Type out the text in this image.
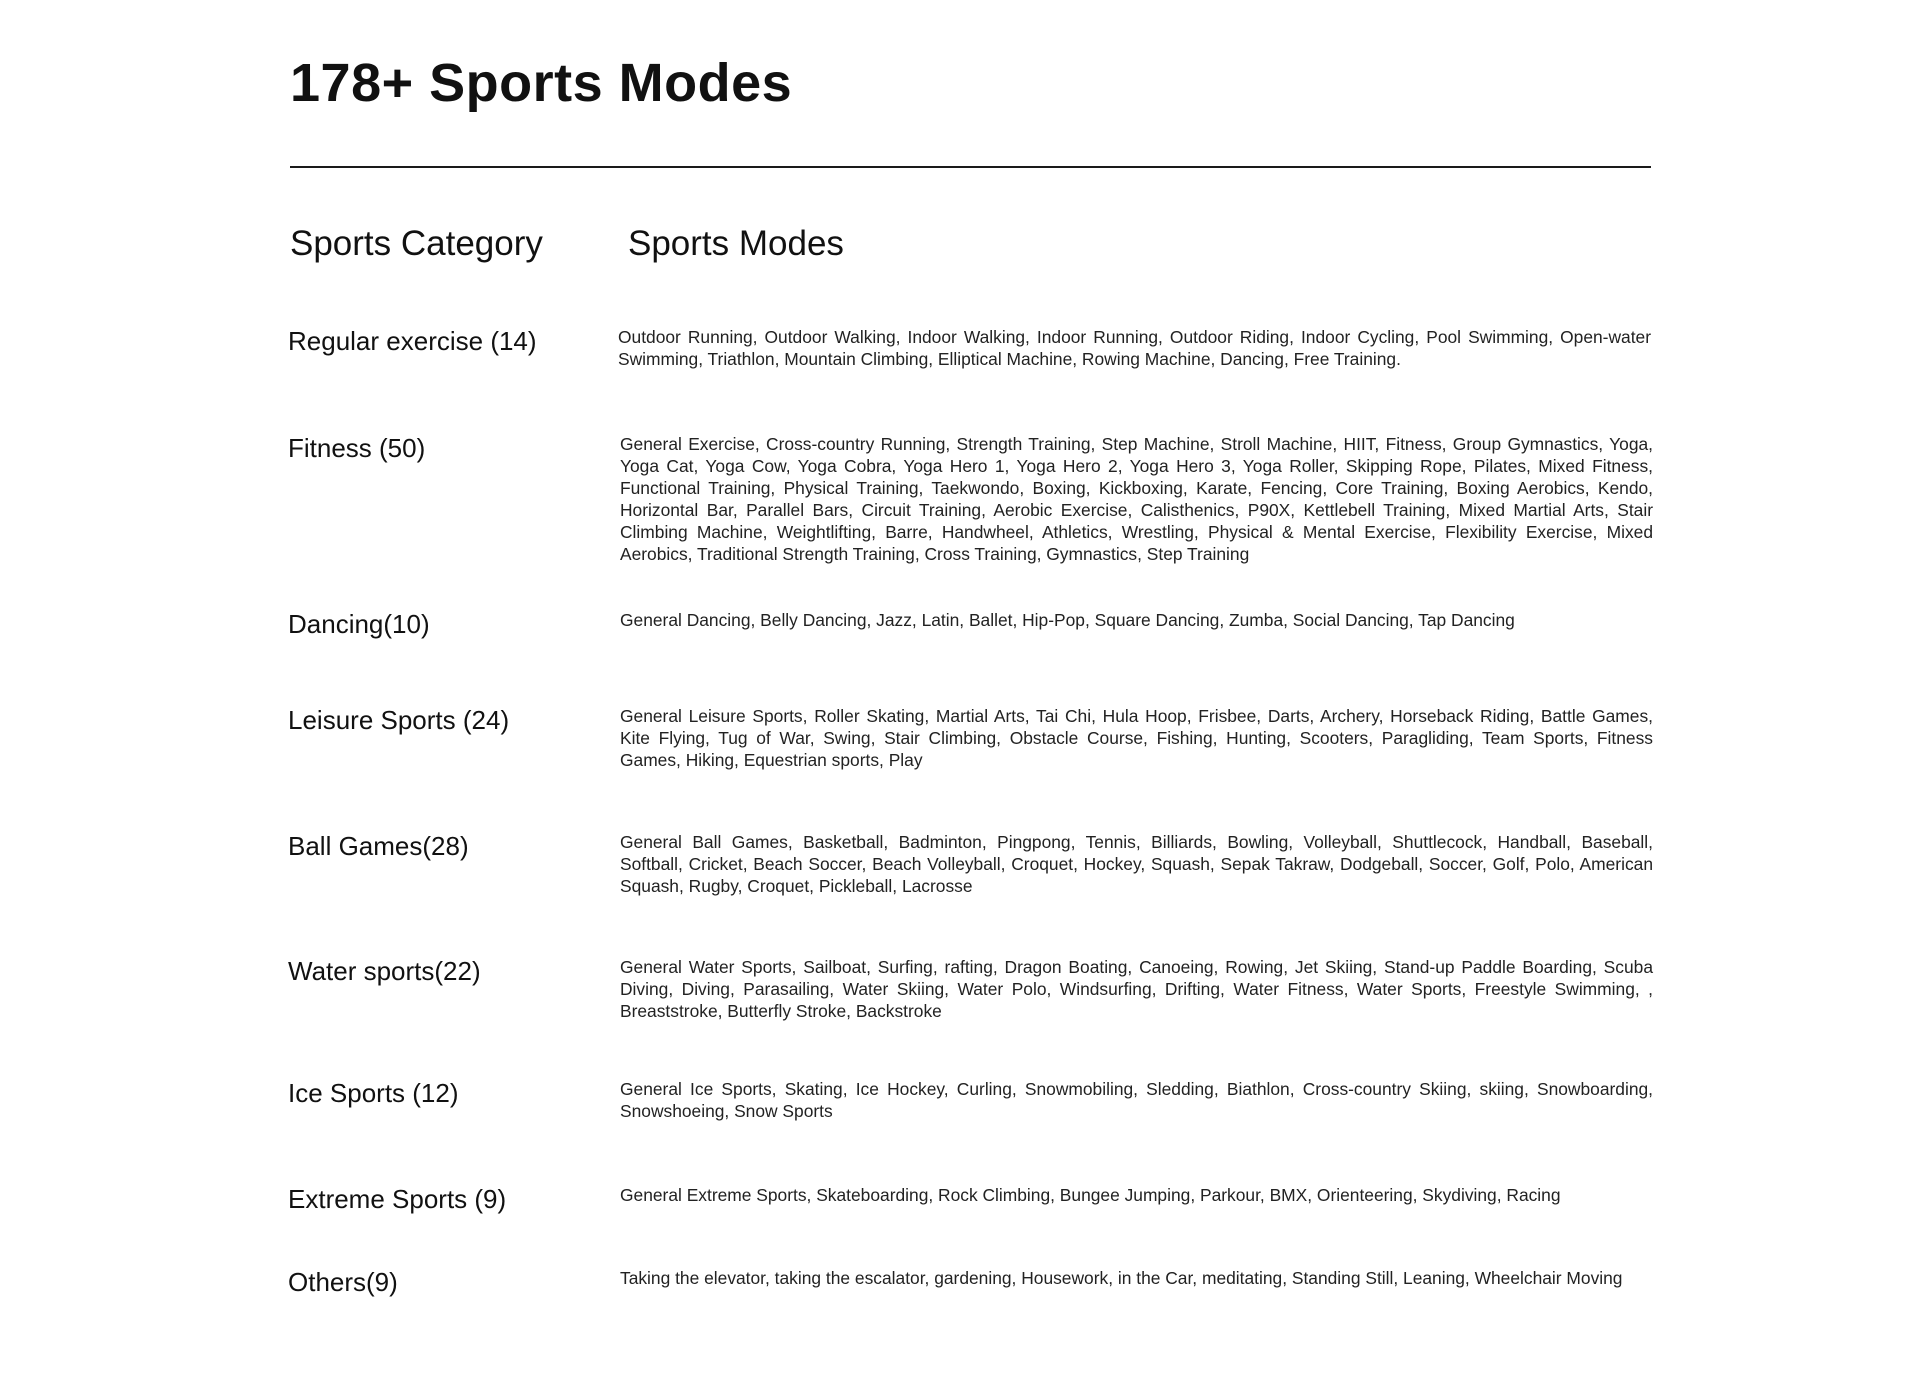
178+ Sports Modes
Sports Category Sports Modes
Regular exercise (14)	Outdoor Running, Outdoor Walking, Indoor Walking, Indoor Running, Outdoor Riding, Indoor Cycling, Pool Swimming, Open-water Swimming, Triathlon, Mountain Climbing, Elliptical Machine, Rowing Machine, Dancing, Free Training.
Fitness (50)	General Exercise, Cross-country Running, Strength Training, Step Machine, Stroll Machine, HIIT, Fitness, Group Gymnastics, Yoga, Yoga Cat, Yoga Cow, Yoga Cobra, Yoga Hero 1, Yoga Hero 2, Yoga Hero 3, Yoga Roller, Skipping Rope, Pilates, Mixed Fitness, Functional Training, Physical Training, Taekwondo, Boxing, Kickboxing, Karate, Fencing, Core Training, Boxing Aerobics, Kendo, Horizontal Bar, Parallel Bars, Circuit Training, Aerobic Exercise, Calisthenics, P90X, Kettlebell Training, Mixed Martial Arts, Stair Climbing Machine, Weightlifting, Barre, Handwheel, Athletics, Wrestling, Physical & Mental Exercise, Flexibility Exercise, Mixed Aerobics, Traditional Strength Training, Cross Training, Gymnastics, Step Training
Dancing(10)	General Dancing, Belly Dancing, Jazz, Latin, Ballet, Hip-Pop, Square Dancing, Zumba, Social Dancing, Tap Dancing
Leisure Sports (24)	General Leisure Sports, Roller Skating, Martial Arts, Tai Chi, Hula Hoop, Frisbee, Darts, Archery, Horseback Riding, Battle Games, Kite Flying, Tug of War, Swing, Stair Climbing, Obstacle Course, Fishing, Hunting, Scooters, Paragliding, Team Sports, Fitness Games, Hiking, Equestrian sports, Play
Ball Games(28)	General Ball Games, Basketball, Badminton, Pingpong, Tennis, Billiards, Bowling, Volleyball, Shuttlecock, Handball, Baseball, Softball, Cricket, Beach Soccer, Beach Volleyball, Croquet, Hockey, Squash, Sepak Takraw, Dodgeball, Soccer, Golf, Polo, American Squash, Rugby, Croquet, Pickleball, Lacrosse
Water sports(22)	General Water Sports, Sailboat, Surfing, rafting, Dragon Boating, Canoeing, Rowing, Jet Skiing, Stand-up Paddle Boarding, Scuba Diving, Diving, Parasailing, Water Skiing, Water Polo, Windsurfing, Drifting, Water Fitness, Water Sports, Freestyle Swimming, , Breaststroke, Butterfly Stroke, Backstroke
Ice Sports (12)	General Ice Sports, Skating, Ice Hockey, Curling, Snowmobiling, Sledding, Biathlon, Cross-country Skiing, skiing, Snowboarding, Snowshoeing, Snow Sports
Extreme Sports (9)	General Extreme Sports, Skateboarding, Rock Climbing, Bungee Jumping, Parkour, BMX, Orienteering, Skydiving, Racing
Others(9)	Taking the elevator, taking the escalator, gardening, Housework, in the Car, meditating, Standing Still, Leaning, Wheelchair Moving
